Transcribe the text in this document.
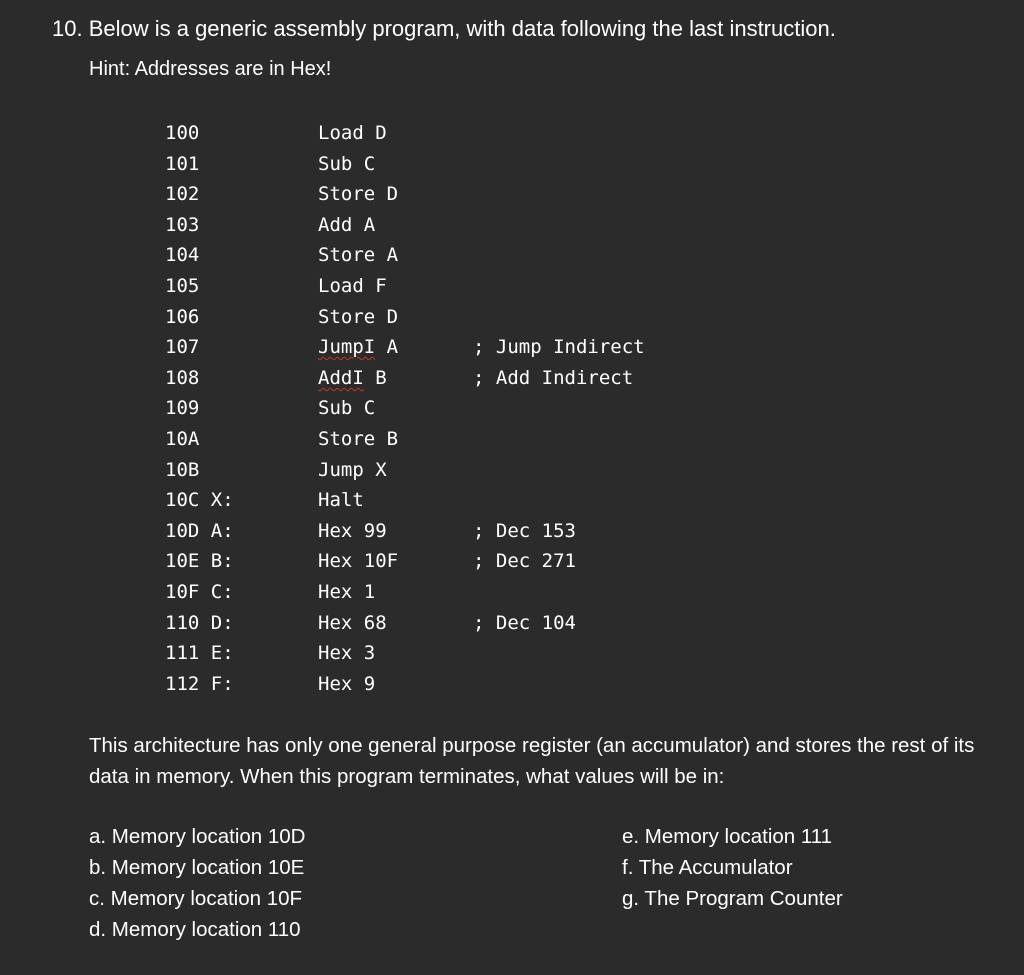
10. Below is a generic assembly program, with data following the last instruction.
Hint: Addresses are in Hex!
100	Load D
101	Sub C
102	Store D
103	Add A
104	Store A
105	Load F
106	Store D
107	JumpI A	; Jump Indirect
108	AddI B	; Add Indirect
109	Sub C
10A	Store B
10B	Jump X
10C X:	Halt
10D A:	Hex 99	; Dec 153
10E B:	Hex 10F	; Dec 271
10F C:	Hex 1
110 D:	Hex 68	; Dec 104
111 E:	Hex 3
112 F:	Hex 9
This architecture has only one general purpose register (an accumulator) and stores the rest of its data in memory. When this program terminates, what values will be in:
a. Memory location 10D
b. Memory location 10E
c. Memory location 10F
d. Memory location 110
e. Memory location 111
f. The Accumulator
g. The Program Counter
